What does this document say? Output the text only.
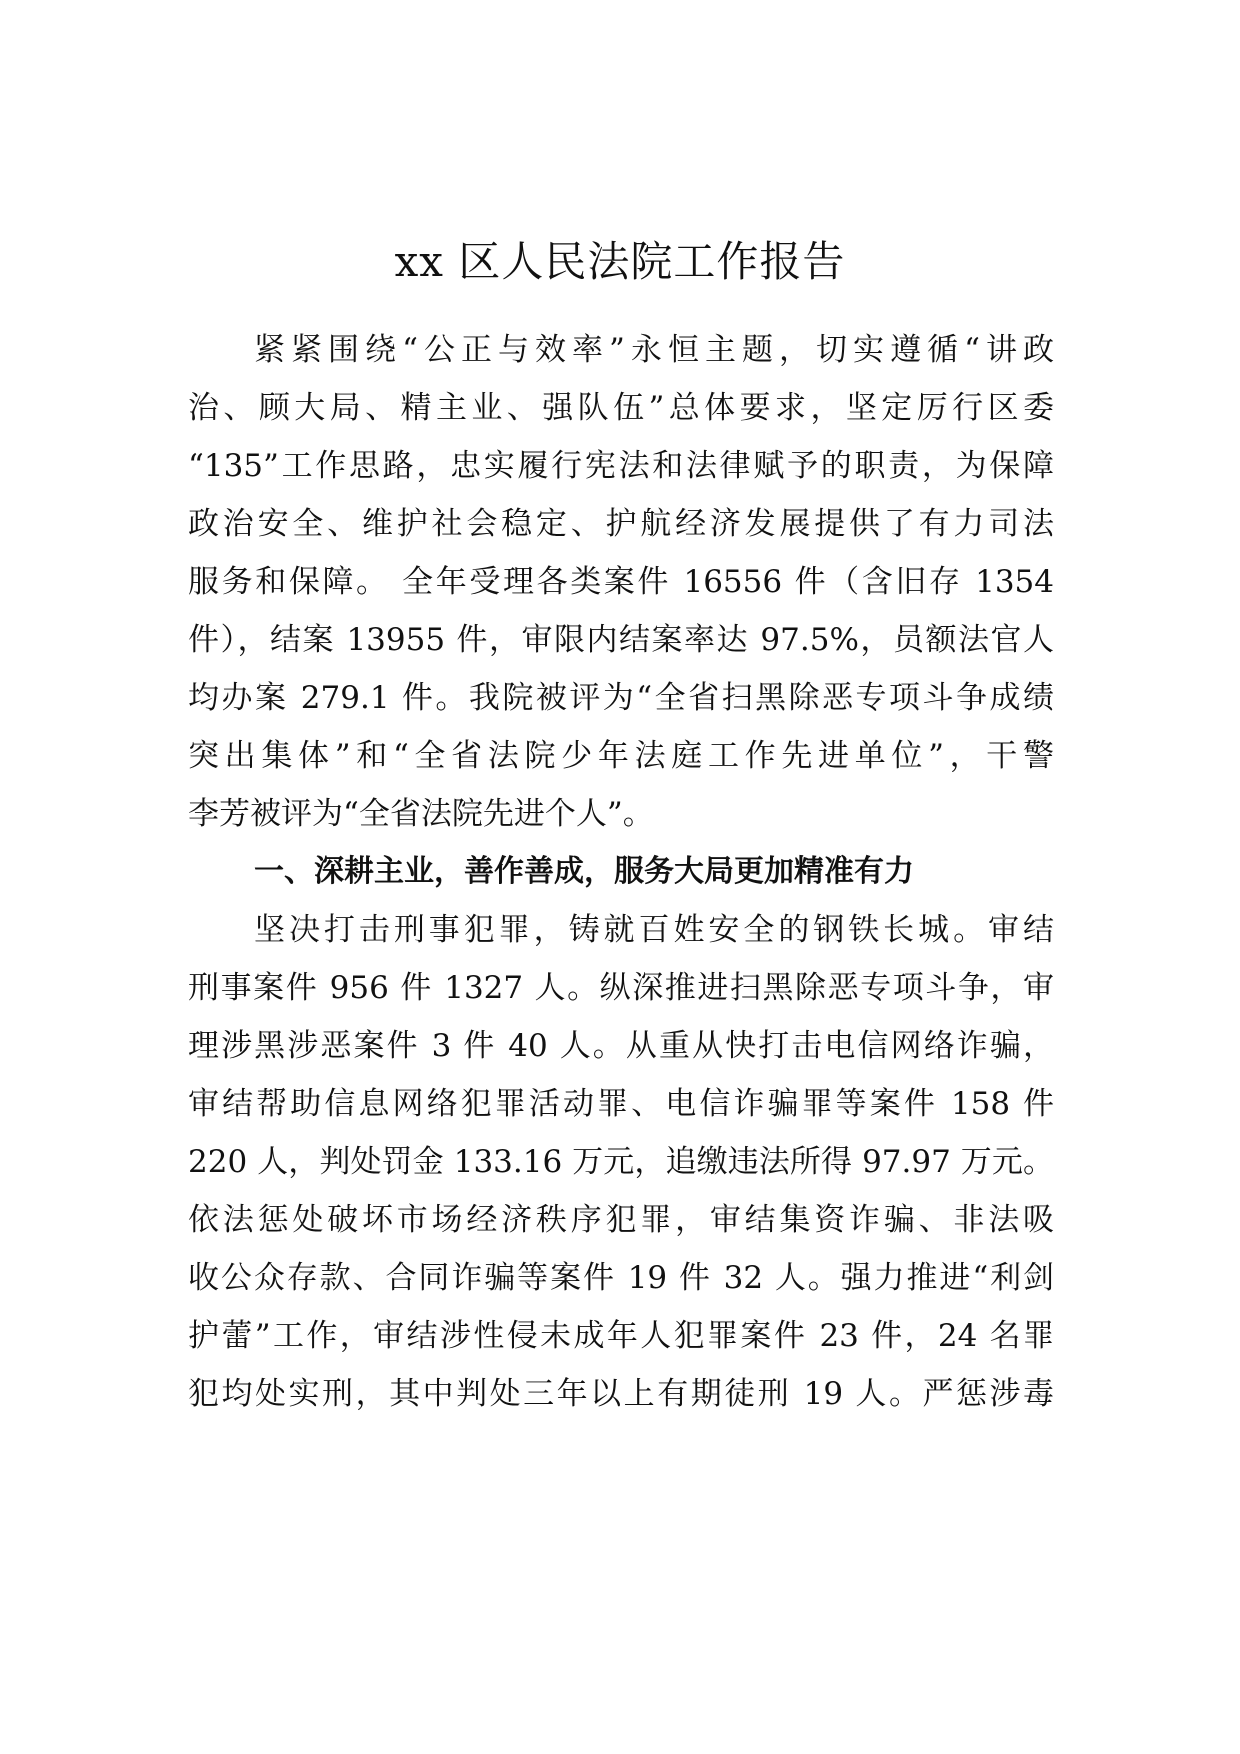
xx 区人民法院工作报告

紧紧围绕“公正与效率”永恒主题，切实遵循“讲政

治、顾大局、精主业、强队伍”总体要求，坚定厉行区委

“135”工作思路，忠实履行宪法和法律赋予的职责，为保障

政治安全、维护社会稳定、护航经济发展提供了有力司法

服务和保障。 全年受理各类案件 16556 件（含旧存 1354

件），结案 13955 件，审限内结案率达 97.5%，员额法官人

均办案 279.1 件。我院被评为“全省扫黑除恶专项斗争成绩

突出集体”和“全省法院少年法庭工作先进单位”，干警

李芳被评为“全省法院先进个人”。

一、深耕主业，善作善成，服务大局更加精准有力

坚决打击刑事犯罪，铸就百姓安全的钢铁长城。审结

刑事案件 956 件 1327 人。纵深推进扫黑除恶专项斗争，审

理涉黑涉恶案件 3 件 40 人。从重从快打击电信网络诈骗，

审结帮助信息网络犯罪活动罪、电信诈骗罪等案件 158 件

220 人，判处罚金 133.16 万元，追缴违法所得 97.97 万元。

依法惩处破坏市场经济秩序犯罪，审结集资诈骗、非法吸

收公众存款、合同诈骗等案件 19 件 32 人。强力推进“利剑

护蕾”工作，审结涉性侵未成年人犯罪案件 23 件，24 名罪

犯均处实刑，其中判处三年以上有期徒刑 19 人。严惩涉毒
